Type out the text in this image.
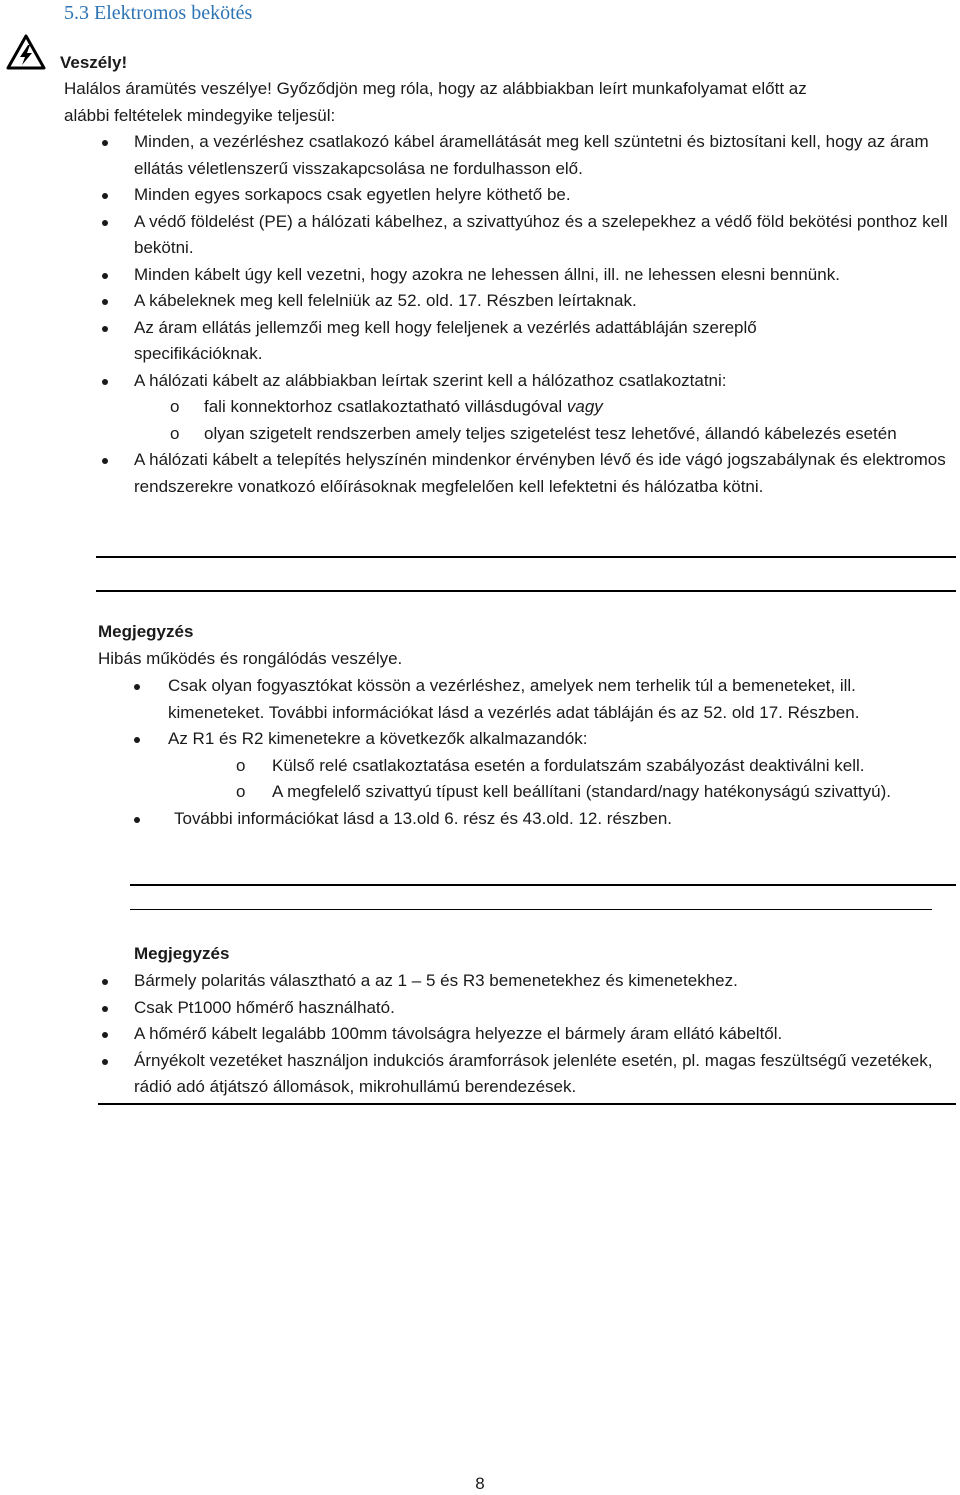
5.3 Elektromos bekötés
Veszély!
Halálos áramütés veszélye! Győződjön meg róla, hogy az alábbiakban leírt munkafolyamat előtt az
alábbi feltételek mindegyike teljesül:
Minden, a vezérléshez csatlakozó kábel áramellátását meg kell szüntetni és biztosítani kell, hogy az áram ellátás véletlenszerű visszakapcsolása ne fordulhasson elő.
Minden egyes sorkapocs csak egyetlen helyre köthető be.
A védő földelést (PE) a hálózati kábelhez, a szivattyúhoz és a szelepekhez a védő föld bekötési ponthoz kell bekötni.
Minden kábelt úgy kell vezetni, hogy azokra ne lehessen állni, ill. ne lehessen elesni bennünk.
A kábeleknek meg kell felelniük az 52. old. 17. Részben leírtaknak.
Az áram ellátás jellemzői meg kell hogy feleljenek a vezérlés adattábláján szereplő specifikációknak.
A hálózati kábelt az alábbiakban leírtak szerint kell a hálózathoz csatlakoztatni:
o fali konnektorhoz csatlakoztatható villásdugóval vagy
o olyan szigetelt rendszerben amely teljes szigetelést tesz lehetővé, állandó kábelezés esetén
A hálózati kábelt a telepítés helyszínén mindenkor érvényben lévő és ide vágó jogszabálynak és elektromos rendszerekre vonatkozó előírásoknak megfelelően kell lefektetni és hálózatba kötni.
Megjegyzés
Hibás működés és rongálódás veszélye.
Csak olyan fogyasztókat kössön a vezérléshez, amelyek nem terhelik túl a bemeneteket, ill. kimeneteket. További információkat lásd a vezérlés adat tábláján és az 52. old 17. Részben.
Az R1 és R2 kimenetekre a következők alkalmazandók:
o Külső relé csatlakoztatása esetén a fordulatszám szabályozást deaktiválni kell.
o A megfelelő szivattyú típust kell beállítani (standard/nagy hatékonyságú szivattyú).
További információkat lásd a 13.old 6. rész és 43.old. 12. részben.
Megjegyzés
Bármely polaritás választható a az 1 – 5 és R3 bemenetekhez és kimenetekhez.
Csak Pt1000 hőmérő használható.
A hőmérő kábelt legalább 100mm távolságra helyezze el bármely áram ellátó kábeltől.
Árnyékolt vezetéket használjon indukciós áramforrások jelenléte esetén, pl. magas feszültségű vezetékek, rádió adó átjátszó állomások, mikrohullámú berendezések.
8
